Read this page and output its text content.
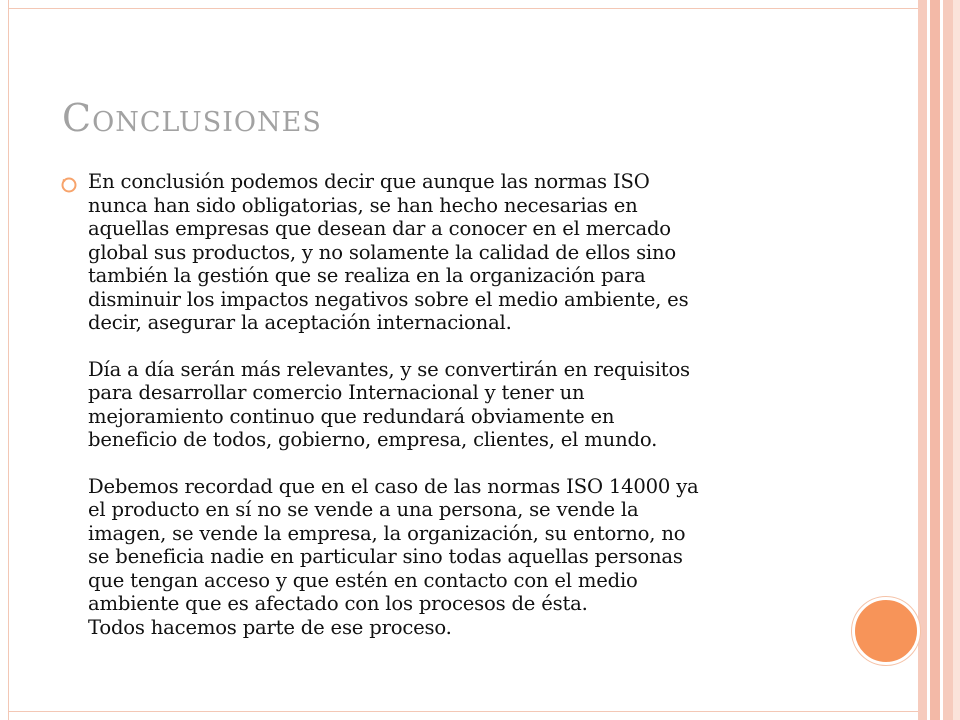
Conclusiones
En conclusión podemos decir que aunque las normas ISO
nunca han sido obligatorias, se han hecho necesarias en
aquellas empresas que desean dar a conocer en el mercado
global sus productos, y no solamente la calidad de ellos sino
también la gestión que se realiza en la organización para
disminuir los impactos negativos sobre el medio ambiente, es
decir, asegurar la aceptación internacional.
Día a día serán más relevantes, y se convertirán en requisitos
para desarrollar comercio Internacional y tener un
mejoramiento continuo que redundará obviamente en
beneficio de todos, gobierno, empresa, clientes, el mundo.
Debemos recordad que en el caso de las normas ISO 14000 ya
el producto en sí no se vende a una persona, se vende la
imagen, se vende la empresa, la organización, su entorno, no
se beneficia nadie en particular sino todas aquellas personas
que tengan acceso y que estén en contacto con el medio
ambiente que es afectado con los procesos de ésta.
Todos hacemos parte de ese proceso.
